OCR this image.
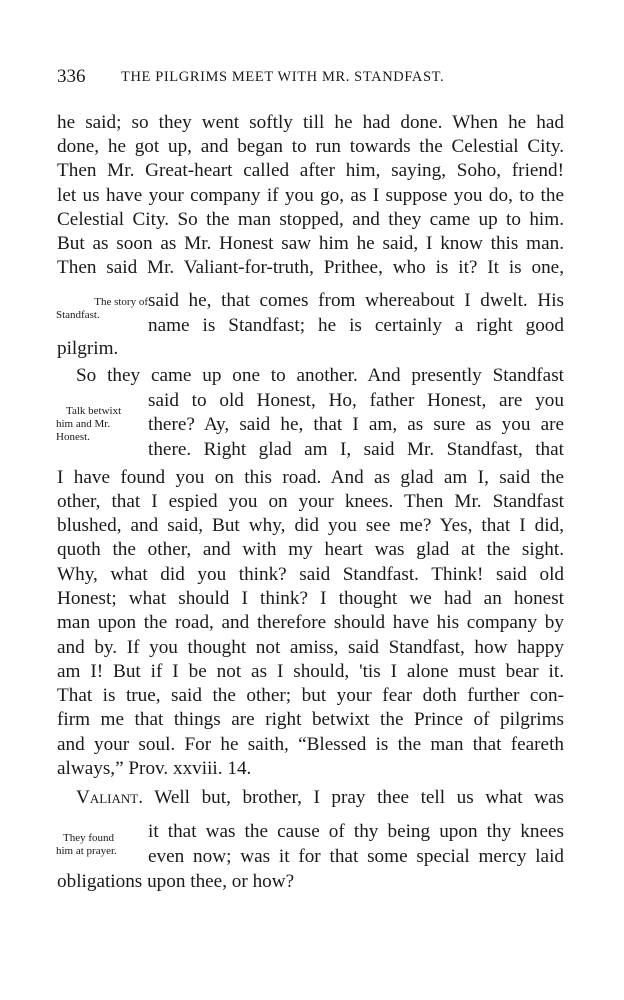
336 THE PILGRIMS MEET WITH MR. STANDFAST.
he said; so they went softly till he had done. When he had
done, he got up, and began to run towards the Celestial City.
Then Mr. Great-heart called after him, saying, Soho, friend!
let us have your company if you go, as I suppose you do, to the
Celestial City. So the man stopped, and they came up to him.
But as soon as Mr. Honest saw him he said, I know this man.
Then said Mr. Valiant-for-truth, Prithee, who is it? It is one,
The story of
Standfast.
said he, that comes from whereabout I dwelt. His
name is Standfast; he is certainly a right good
pilgrim.
So they came up one to another. And presently Standfast
Talk betwixt
him and Mr.
Honest.
said to old Honest, Ho, father Honest, are you
there? Ay, said he, that I am, as sure as you are
there. Right glad am I, said Mr. Standfast, that
I have found you on this road. And as glad am I, said the
other, that I espied you on your knees. Then Mr. Standfast
blushed, and said, But why, did you see me? Yes, that I did,
quoth the other, and with my heart was glad at the sight.
Why, what did you think? said Standfast. Think! said old
Honest; what should I think? I thought we had an honest
man upon the road, and therefore should have his company by
and by. If you thought not amiss, said Standfast, how happy
am I! But if I be not as I should, 'tis I alone must bear it.
That is true, said the other; but your fear doth further con-
firm me that things are right betwixt the Prince of pilgrims
and your soul. For he saith, “Blessed is the man that feareth
always,” Prov. xxviii. 14.
Valiant. Well but, brother, I pray thee tell us what was
They found
him at prayer.
it that was the cause of thy being upon thy knees
even now; was it for that some special mercy laid
obligations upon thee, or how?
